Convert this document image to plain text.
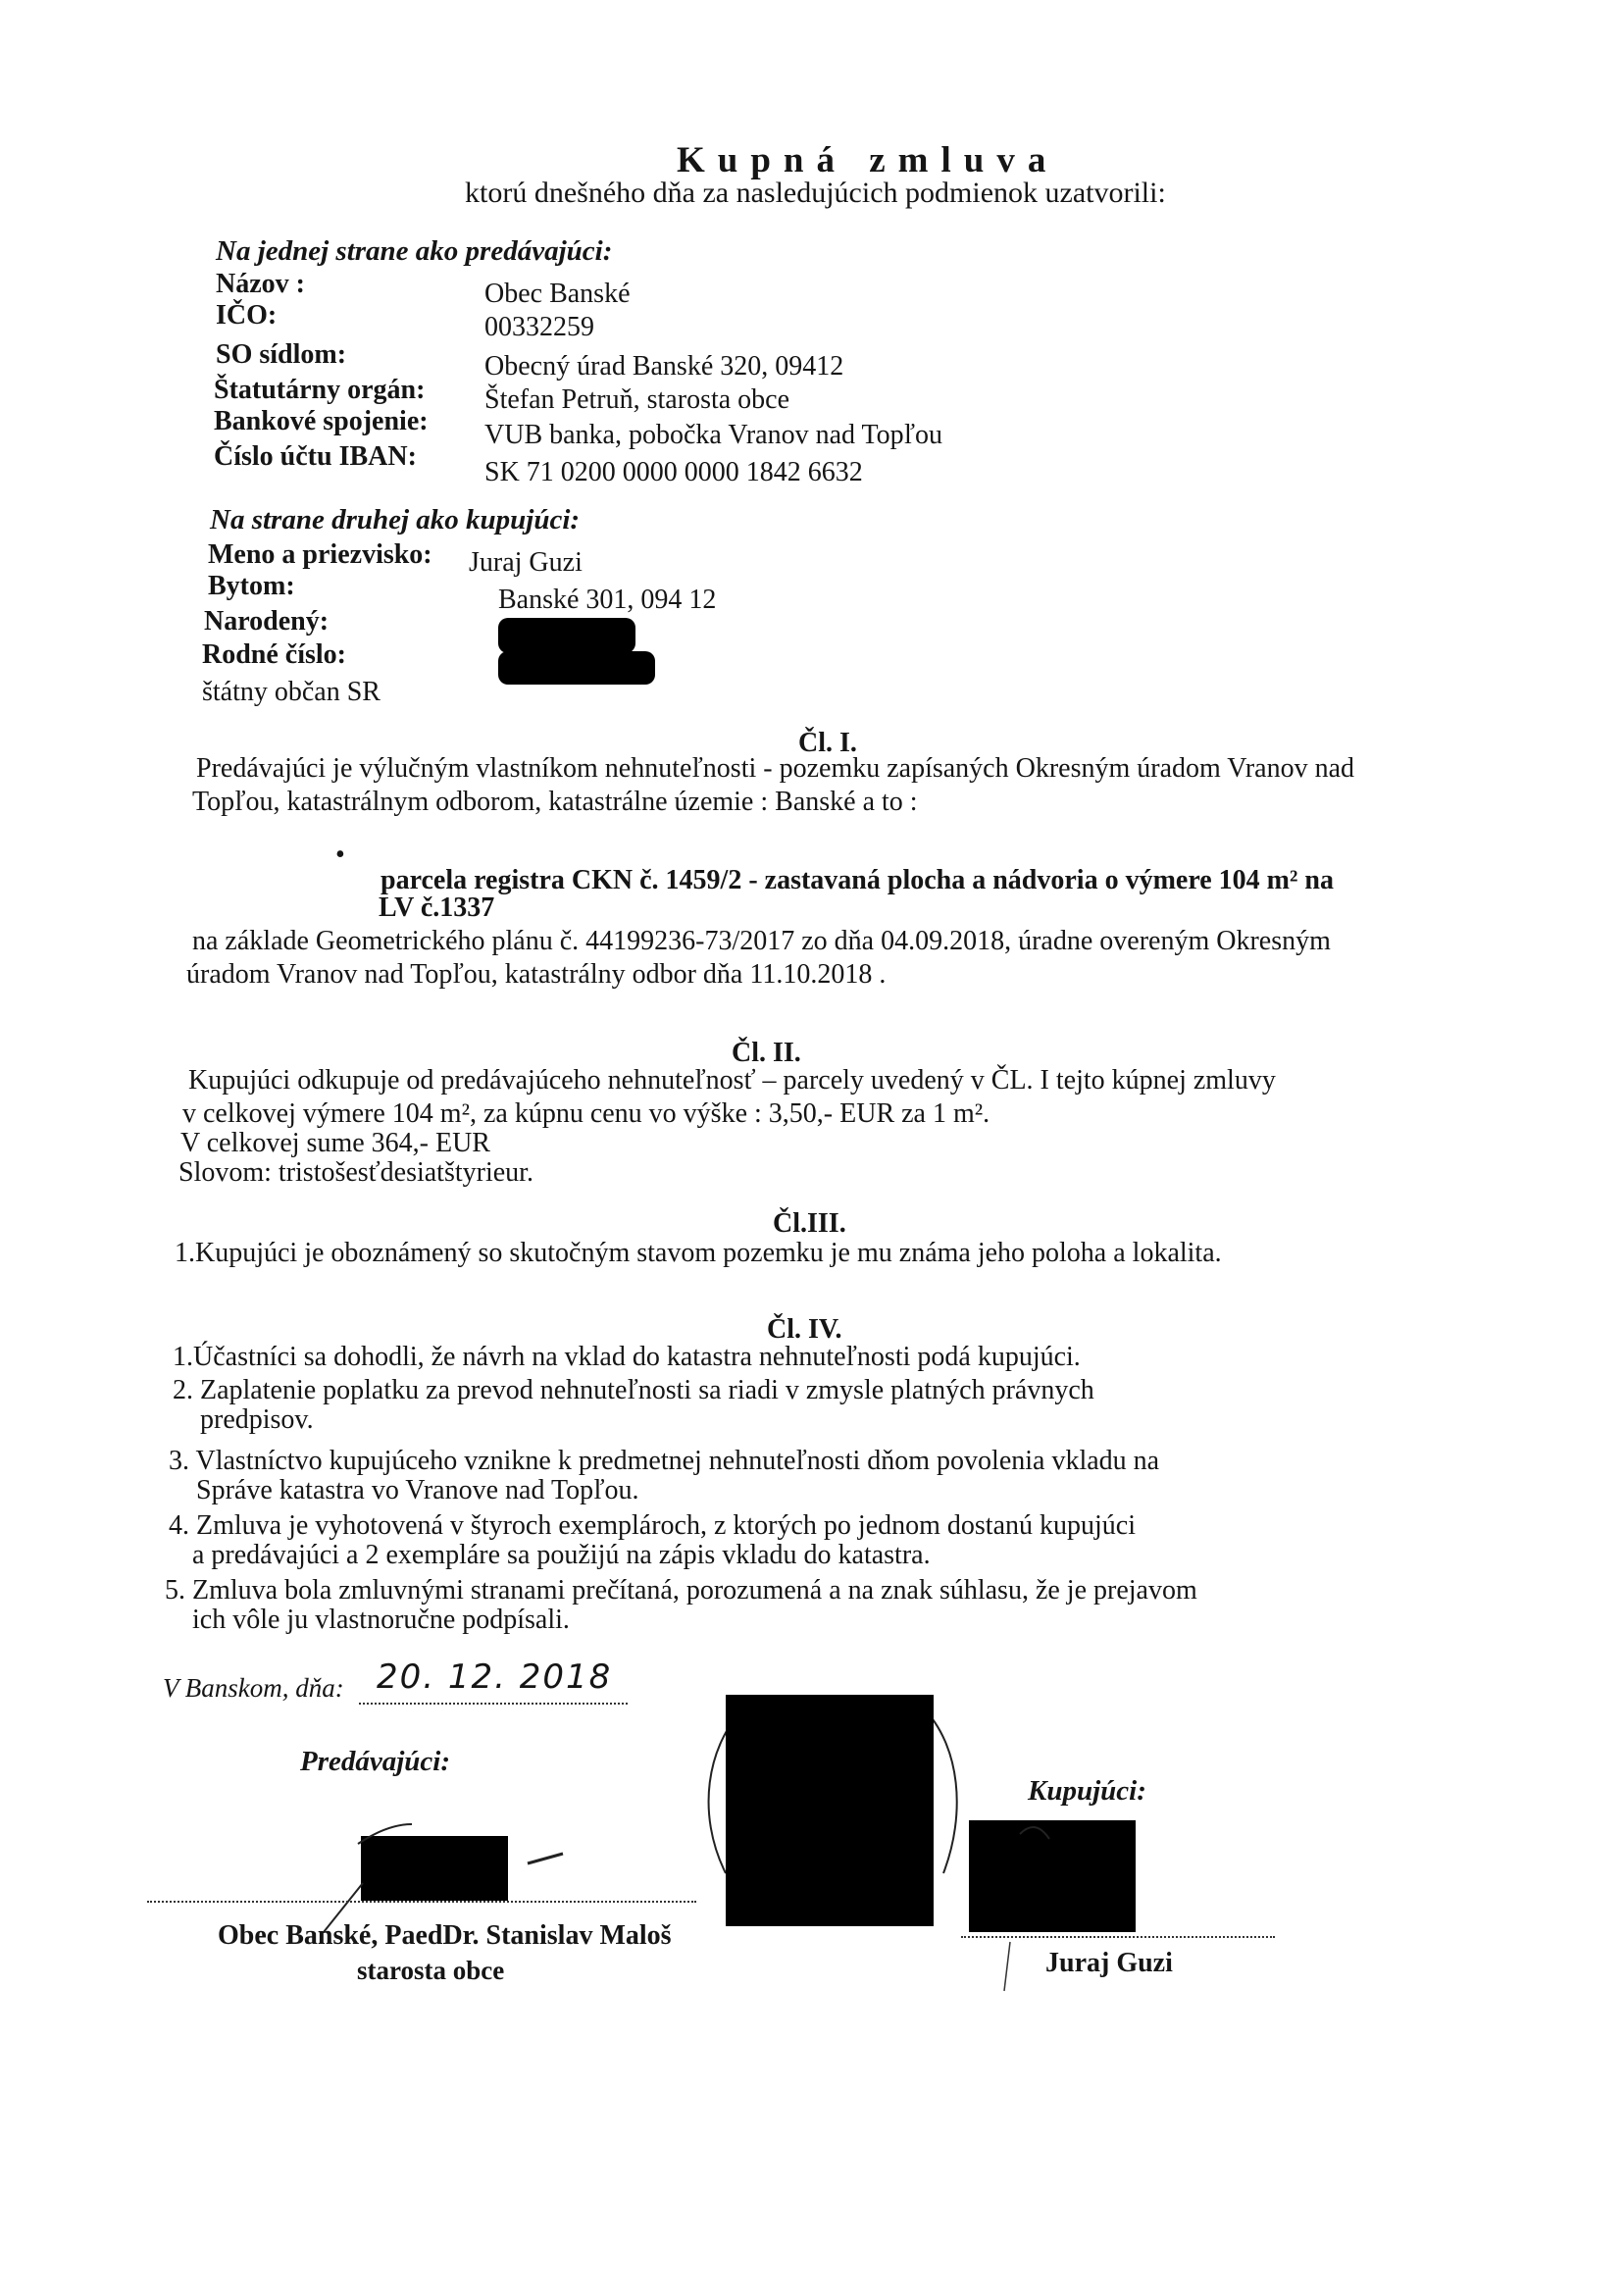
Kupná zmluva
ktorú dnešného dňa za nasledujúcich podmienok uzatvorili:
Na jednej strane ako predávajúci:
Názov :	Obec Banské
IČO:	00332259
SO sídlom:	Obecný úrad Banské 320, 09412
Štatutárny orgán: Štefan Petruň, starosta obce
Bankové spojenie: VUB banka, pobočka Vranov nad Topľou
Číslo účtu IBAN:
SK 71 0200 0000 0000 1842 6632
Na strane druhej ako kupujúci:
Meno a priezvisko: Juraj Guzi
Bytom:	Banské 301, 094 12
Narodený:
Rodné číslo:
štátny občan SR
Čl. I.
Predávajúci je výlučným vlastníkom nehnuteľnosti - pozemku zapísaných Okresným úradom Vranov nad
Topľou, katastrálnym odborom, katastrálne územie : Banské a to :
•
parcela registra CKN č. 1459/2 - zastavaná plocha a nádvoria o výmere 104 m² na
LV č.1337
na základe Geometrického plánu č. 44199236-73/2017 zo dňa 04.09.2018, úradne overeným Okresným
úradom Vranov nad Topľou, katastrálny odbor dňa 11.10.2018 .
Čl. II.
Kupujúci odkupuje od predávajúceho nehnuteľnosť – parcely uvedený v ČL. I tejto kúpnej zmluvy
v celkovej výmere 104 m², za kúpnu cenu vo výške : 3,50,- EUR za 1 m².
V celkovej sume 364,- EUR
Slovom: tristošesťdesiatštyrieur.
Čl.III.
1.Kupujúci je oboznámený so skutočným stavom pozemku je mu známa jeho poloha a lokalita.
Čl. IV.
1.Účastníci sa dohodli, že návrh na vklad do katastra nehnuteľnosti podá kupujúci.
2. Zaplatenie poplatku za prevod nehnuteľnosti sa riadi v zmysle platných právnych
predpisov.
3. Vlastníctvo kupujúceho vznikne k predmetnej nehnuteľnosti dňom povolenia vkladu na
Správe katastra vo Vranove nad Topľou.
4. Zmluva je vyhotovená v štyroch exemplároch, z ktorých po jednom dostanú kupujúci
a predávajúci a 2 exempláre sa použijú na zápis vkladu do katastra.
5. Zmluva bola zmluvnými stranami prečítaná, porozumená a na znak súhlasu, že je prejavom
ich vôle ju vlastnoručne podpísali.
V Banskom, dňa: 20. 12. 2018
Predávajúci:
Kupujúci:
Obec Banské, PaedDr. Stanislav Maloš
starosta obce	Juraj Guzi
